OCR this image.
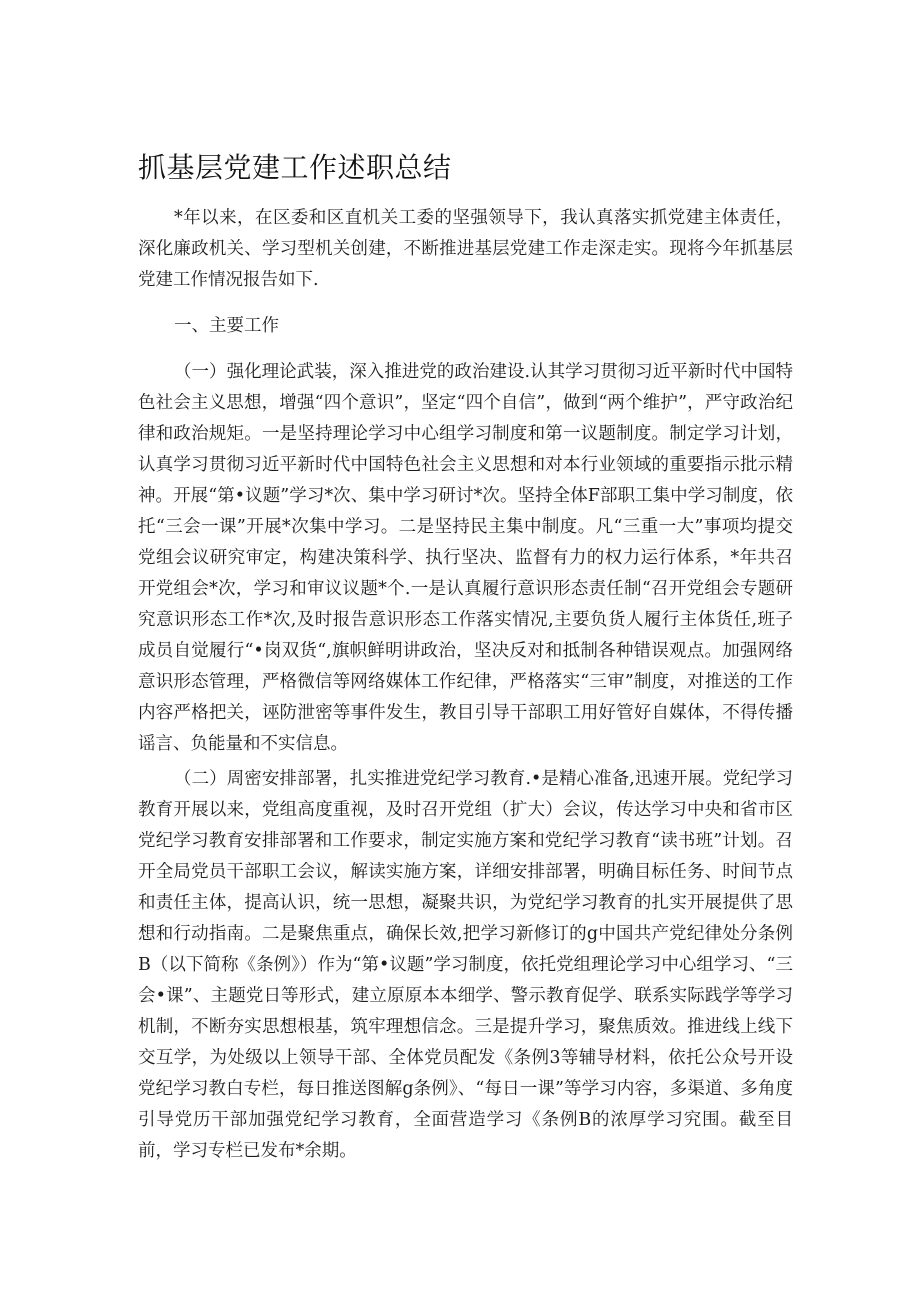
抓基层党建工作述职总结

*年以来，在区委和区直机关工委的坚强领导下，我认真落实抓党建主体责任，深化廉政机关、学习型机关创建，不断推进基层党建工作走深走实。现将今年抓基层党建工作情况报告如下.

一、主要工作

（一）强化理论武装，深入推进党的政治建设.认其学习贯彻习近平新时代中国特色社会主义思想，增强“四个意识”，坚定“四个自信”，做到“两个维护”，严守政治纪律和政治规矩。一是坚持理论学习中心组学习制度和第一议题制度。制定学习计划，认真学习贯彻习近平新时代中国特色社会主义思想和对本行业领域的重要指示批示精神。开展“第•议题”学习*次、集中学习研讨*次。坚持全体F部职工集中学习制度，依托“三会一课”开展*次集中学习。二是坚持民主集中制度。凡“三重一大”事项均提交党组会议研究审定，构建决策科学、执行坚决、监督有力的权力运行体系，*年共召开党组会*次，学习和审议议题*个.一是认真履行意识形态责任制“召开党组会专题研究意识形态工作*次,及时报告意识形态工作落实情况,主要负货人履行主体货任,班子成员自觉履行“•岗双货“,旗帜鲜明讲政治，坚决反对和抵制各种错误观点。加强网络意识形态管理，严格微信等网络媒体工作纪律，严格落实“三审”制度，对推送的工作内容严格把关，诬防泄密等事件发生，教目引导干部职工用好管好自媒体，不得传播谣言、负能量和不实信息。

（二）周密安排部署，扎实推进党纪学习教育.•是精心准备,迅速开展。党纪学习教育开展以来，党组高度重视，及时召开党组（扩大）会议，传达学习中央和省市区党纪学习教育安排部署和工作要求，制定实施方案和党纪学习教育“读书班”计划。召开全局党员干部职工会议，解读实施方案，详细安排部署，明确目标任务、时间节点和责任主体，提高认识，统一思想，凝聚共识，为党纪学习教育的扎实开展提供了思想和行动指南。二是聚焦重点，确保长效,把学习新修订的g中国共产党纪律处分条例B（以下简称《条例》）作为“第•议题”学习制度，依托党组理论学习中心组学习、“三会•课”、主题党日等形式，建立原原本本细学、警示教育促学、联系实际践学等学习机制，不断夯实思想根基，筑牢理想信念。三是提升学习，聚焦质效。推进线上线下交互学，为处级以上领导干部、全体党员配发《条例3等辅导材料，依托公众号开设党纪学习教白专栏，每日推送图解g条例》、“每日一课”等学习内容，多渠道、多角度引导党历干部加强党纪学习教育，全面营造学习《条例B的浓厚学习究围。截至目前，学习专栏已发布*余期。
